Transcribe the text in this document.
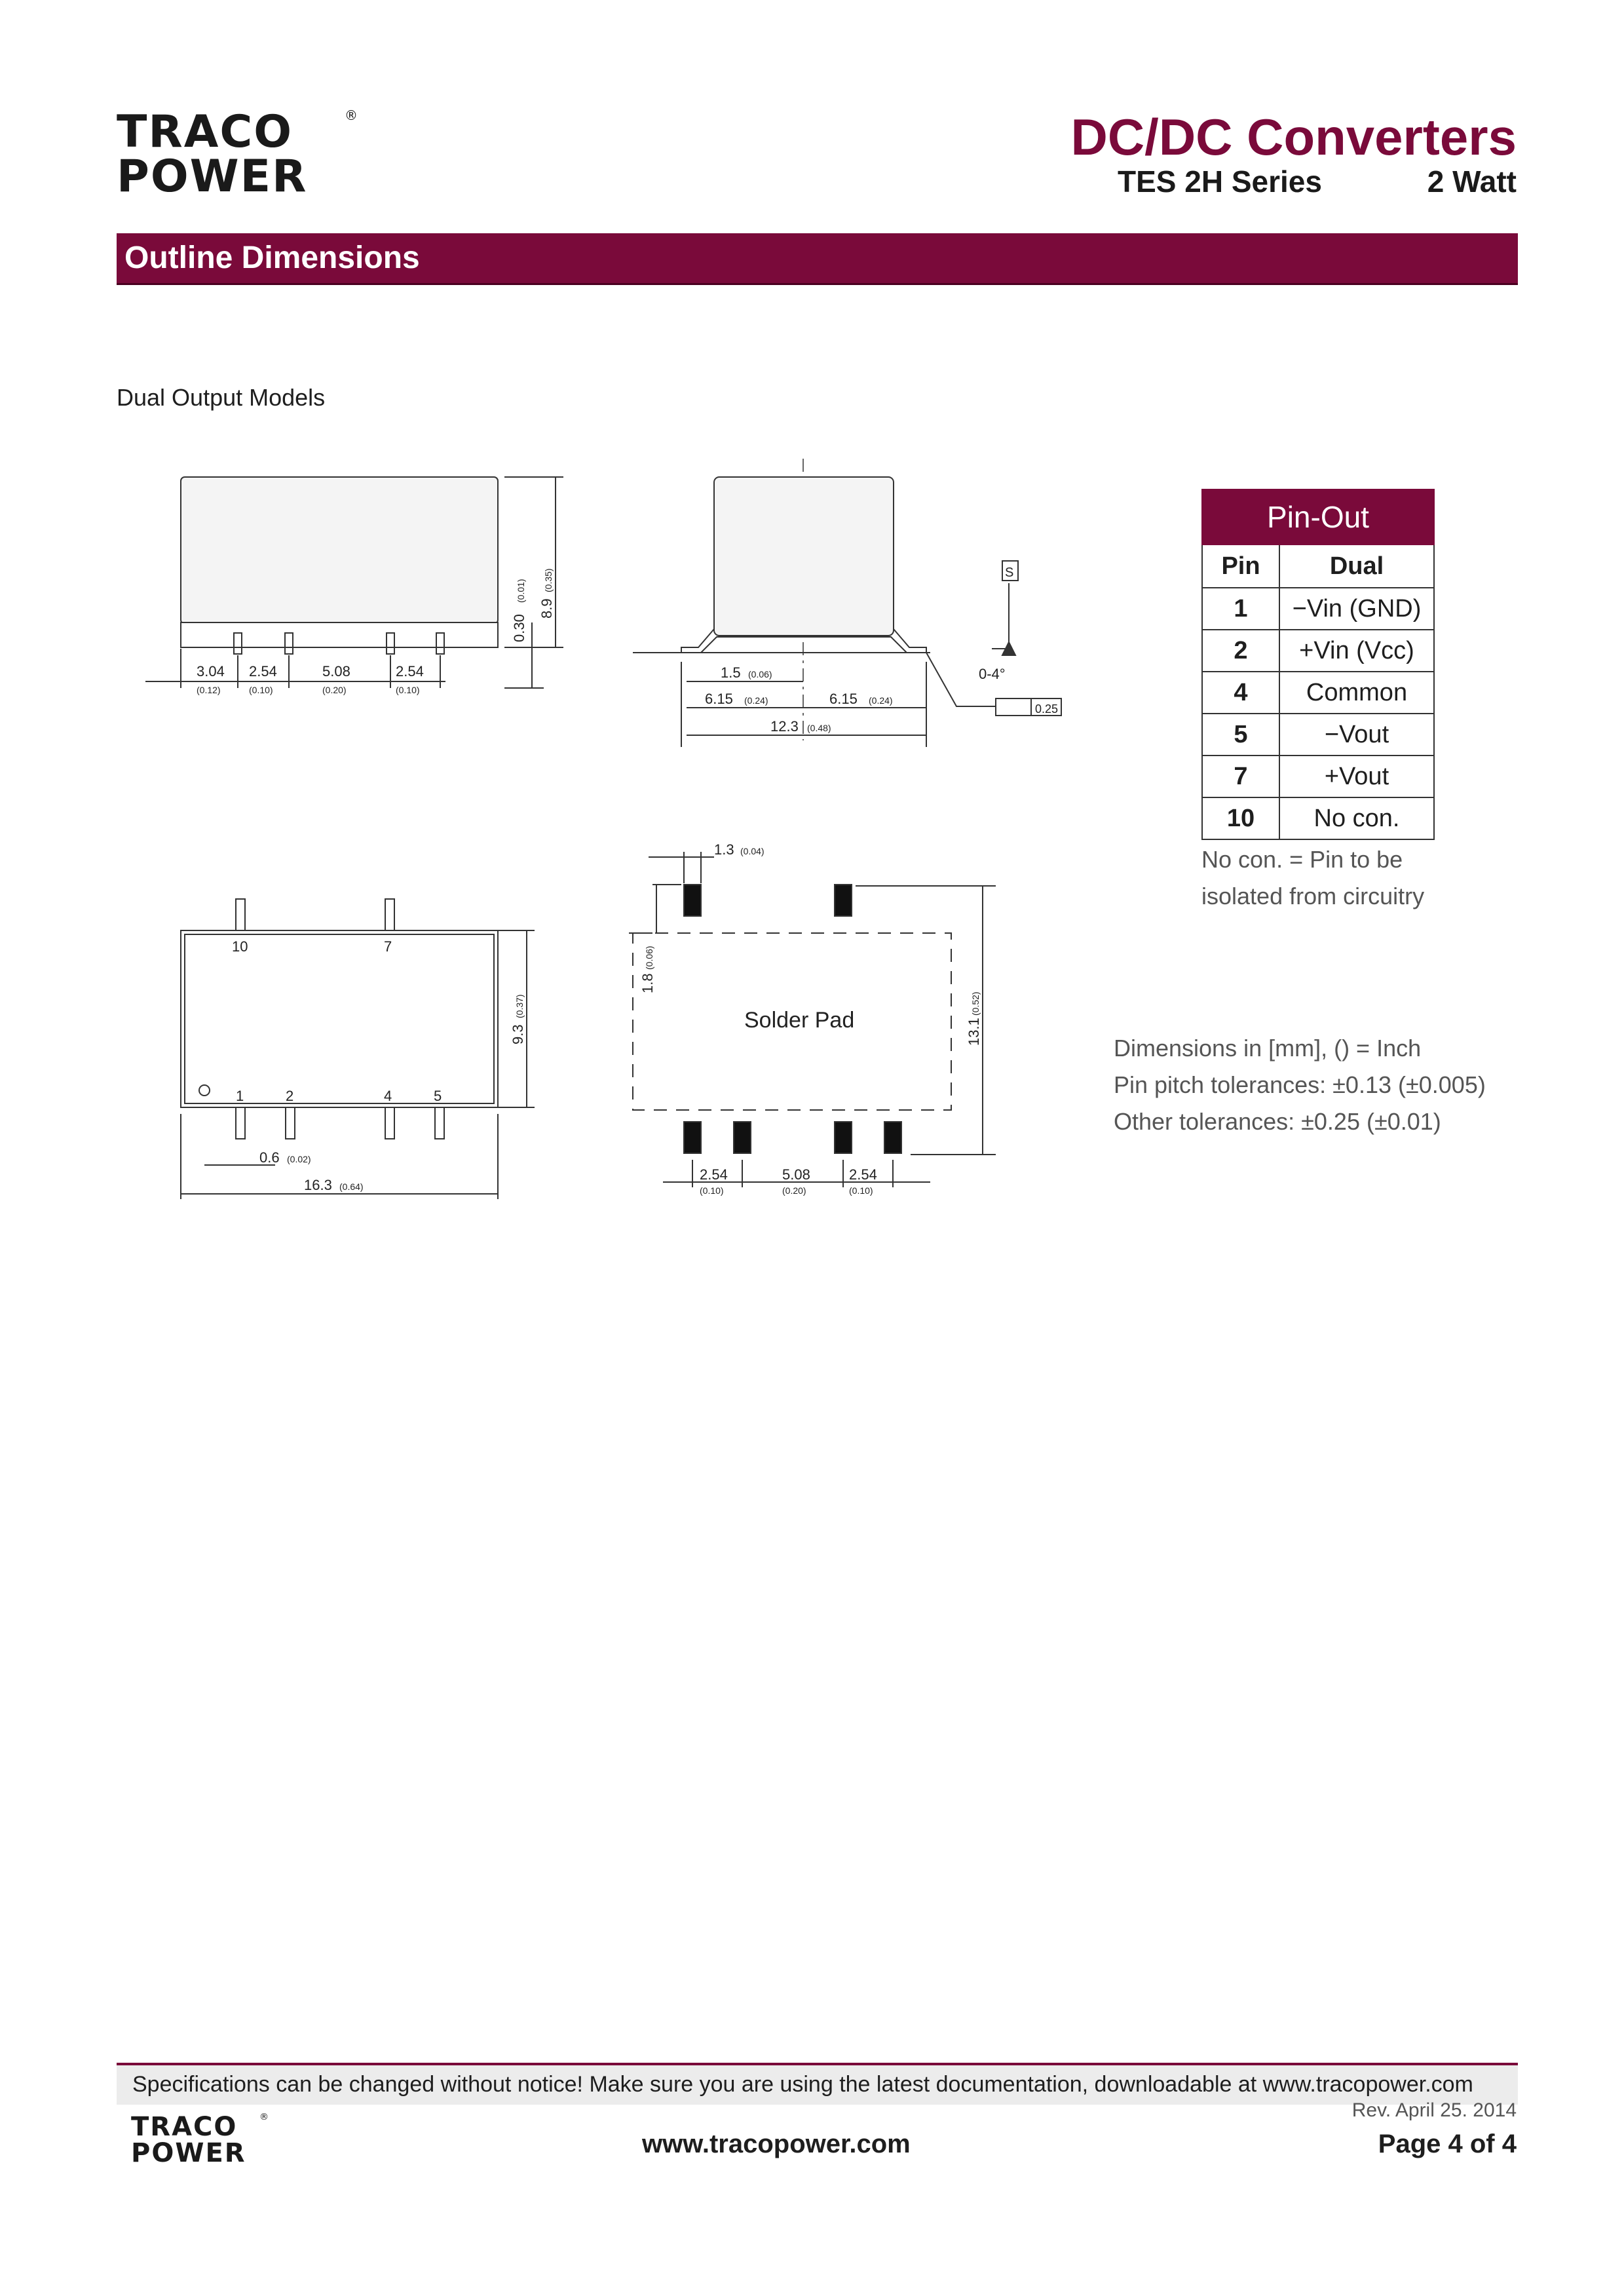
TRACO
POWER
®	DC/DC Converters
TES 2H Series	2 Watt
Outline Dimensions
Dual Output Models
3.04
(0.12)
2.54
(0.10)
5.08
(0.20)
2.54
(0.10)
0.30
(0.01)
8.9
(0.35)
1.5 (0.06)
6.15 (0.24)	6.15 (0.24)
12.3 (0.48)
0-4°
0.25
S
10	7
1	2	4	5
9.3
(0.37)
0.6 (0.02)
16.3 (0.64)
Solder Pad
1.3 (0.04)
1.8
(0.06)
13.1
(0.52)
2.54
(0.10)
5.08
(0.20)
2.54
(0.10)
Pin-Out	
Pin	Dual
1	−Vin (GND)
2	+Vin (Vcc)
4	Common
5	−Vout
7	+Vout
10	No con.
No con. = Pin to be
isolated from circuitry
Dimensions in [mm], () = Inch
Pin pitch tolerances: ±0.13 (±0.005)
Other tolerances: ±0.25 (±0.01)
Specifications can be changed without notice! Make sure you are using the latest documentation, downloadable at www.tracopower.com
TRACO
POWER
®
www.tracopower.com
Rev. April 25. 2014
Page 4 of 4
